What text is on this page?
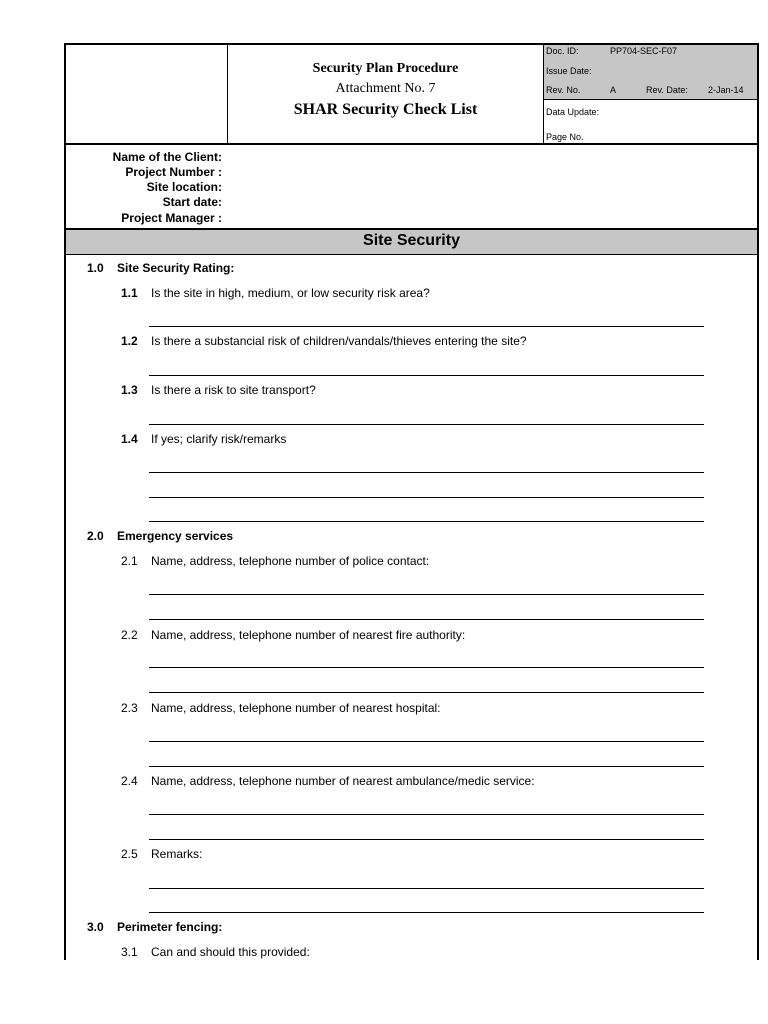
Security Plan Procedure
Attachment No. 7
SHAR Security Check List
Doc. ID:	PP704-SEC-F07
Issue Date:
Rev. No.	A	Rev. Date: 2-Jan-14
Data Update:
Page No.
Name of the Client:
Project Number :
Site location:
Start date:
Project Manager :
Site Security
1.0 Site Security Rating:
1.1 Is the site in high, medium, or low security risk area?
1.2 Is there a substancial risk of children/vandals/thieves entering the site?
1.3 Is there a risk to site transport?
1.4 If yes; clarify risk/remarks
2.0 Emergency services
2.1 Name, address, telephone number of police contact:
2.2 Name, address, telephone number of nearest fire authority:
2.3 Name, address, telephone number of nearest hospital:
2.4 Name, address, telephone number of nearest ambulance/medic service:
2.5 Remarks:
3.0 Perimeter fencing:
3.1 Can and should this provided:
